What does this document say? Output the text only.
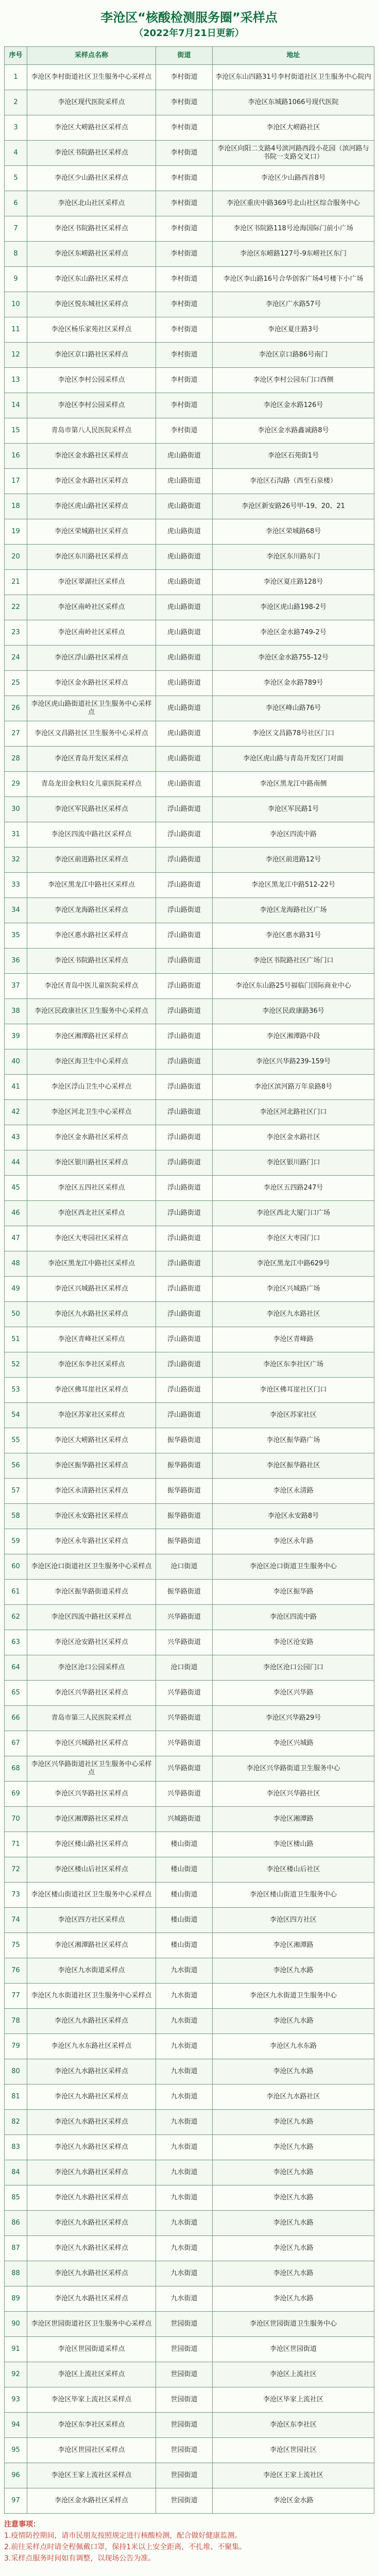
李沧区“核酸检测服务圈”采样点
（2022年7月21日更新）
序号	采样点名称	街道	地址
1	李沧区李村街道社区卫生服务中心采样点	李村街道	李沧区东山四路31号李村街道社区卫生服务中心院内
2	李沧区现代医院采样点	李村街道	李沧区东城路1066号现代医院
3	李沧区大崂路社区采样点	李村街道	李沧区大崂路社区
4	李沧区书院路社区采样点	李村街道	李沧区向阳二支路4号滨河路西段小花园（滨河路与书院一支路交叉口）
5	李沧区少山路社区采样点	李村街道	李沧区少山路西首8号
6	李沧区北山社区采样点	李村街道	李沧区重庆中路369号北山社区综合服务中心
7	李沧区书院路社区采样点	李村街道	李沧区书院路118号沧海国际门前小广场
8	李沧区东崂路社区采样点	李村街道	李沧区东崂路127号-9东崂社区东门
9	李沧区东山路社区采样点	李村街道	李沧区李山路16号合华创客广场4号楼下小广场
10	李沧区悦东城社区采样点	李村街道	李沧区广水路57号
11	李沧区杨乐家苑社区采样点	李村街道	李沧区夏庄路3号
12	李沧区京口路社区采样点	李村街道	李沧区京口路86号南门
13	李沧区李村公园采样点	李村街道	李沧区李村公园东门口西侧
14	李沧区李村公园采样点	李村街道	李沧区金水路126号
15	青岛市第八人民医院采样点	李村街道	李沧区金水路鑫诚路8号
16	李沧区金水路社区采样点	虎山路街道	李沧区石苑街1号
17	李沧区金水路社区采样点	虎山路街道	李沧区石沟路（西至石泉楼）
18	李沧区虎山路社区采样点	虎山路街道	李沧区新安路26号甲-19、20、21
19	李沧区荣城路社区采样点	虎山路街道	李沧区荣城路68号
20	李沧区东川路社区采样点	虎山路街道	李沧区东川路东门
21	李沧区翠湖社区采样点	虎山路街道	李沧区夏庄路128号
22	李沧区南岭社区采样点	虎山路街道	李沧区虎山路198-2号
23	李沧区南岭社区采样点	虎山路街道	李沧区金水路749-2号
24	李沧区浮山路社区采样点	虎山路街道	李沧区金水路755-12号
25	李沧区金水路社区采样点	虎山路街道	李沧区金水路789号
26	李沧区虎山路街道社区卫生服务中心采样点	虎山路街道	李沧区峰山路76号
27	李沧区文昌路社区卫生服务中心采样点	虎山路街道	李沧区文昌路78号社区门口
28	李沧区青岛开发区采样点	虎山路街道	李沧区虎山路与青岛开发区门对面
29	青岛龙田金秋妇女儿童医院采样点	虎山路街道	李沧区黑龙江中路南侧
30	李沧区军民路社区采样点	浮山路街道	李沧区军民路1号
31	李沧区四流中路社区采样点	浮山路街道	李沧区四流中路
32	李沧区前进路社区采样点	浮山路街道	李沧区前进路12号
33	李沧区黑龙江中路社区采样点	浮山路街道	李沧区黑龙江中路512-22号
34	李沧区龙海路社区采样点	浮山路街道	李沧区龙海路社区广场
35	李沧区惠水路社区采样点	浮山路街道	李沧区惠水路31号
36	李沧区书院路社区采样点	浮山路街道	李沧区书院路社区广场门口
37	李沧区青岛中医儿童医院采样点	浮山路街道	李沧区东山路25号福临门国际商业中心
38	李沧区民政康社区卫生服务中心采样点	浮山路街道	李沧区民政康路36号
39	李沧区湘潭路社区采样点	浮山路街道	李沧区湘潭路中段
40	李沧区海卫生中心采样点	浮山路街道	李沧区兴华路239-159号
41	李沧区浮山卫生中心采样点	浮山路街道	李沧区滨河路万年泉路8号
42	李沧区河北卫生中心采样点	浮山路街道	李沧区河北路社区门口
43	李沧区金水路社区采样点	浮山路街道	李沧区金水路社区
44	李沧区银川路社区采样点	浮山路街道	李沧区银川路门口
45	李沧区五四社区采样点	浮山路街道	李沧区五四路247号
46	李沧区西北社区采样点	浮山路街道	李沧区西北大厦门口广场
47	李沧区大枣园社区采样点	浮山路街道	李沧区大枣园门口
48	李沧区黑龙江中路社区采样点	浮山路街道	李沧区黑龙江中路629号
49	李沧区兴城路社区采样点	浮山路街道	李沧区兴城路广场
50	李沧区九水路社区采样点	浮山路街道	李沧区九水路社区
51	李沧区青峰社区采样点	浮山路街道	李沧区青峰路
52	李沧区东李社区采样点	浮山路街道	李沧区东李社区广场
53	李沧区佛耳崖社区采样点	浮山路街道	李沧区佛耳崖社区门口
54	李沧区苏家社区采样点	浮山路街道	李沧区苏家社区
55	李沧区大崂路社区采样点	振华路街道	李沧区振华路广场
56	李沧区振华路社区采样点	振华路街道	李沧区振华路社区
57	李沧区永清路社区采样点	振华路街道	李沧区永清路
58	李沧区永安路社区采样点	振华路街道	李沧区永安路8号
59	李沧区永年路社区采样点	振华路街道	李沧区永年路
60	李沧区沧口街道社区卫生服务中心采样点	沧口街道	李沧区沧口街道卫生服务中心
61	李沧区振华路街道采样点	振华路街道	李沧区振华路
62	李沧区四流中路社区采样点	兴华路街道	李沧区四流中路
63	李沧区沧安路社区采样点	兴华路街道	李沧区沧安路
64	李沧区沧口公园采样点	沧口街道	李沧区沧口公园门口
65	李沧区兴华路社区采样点	兴华路街道	李沧区兴华路
66	青岛市第三人民医院采样点	兴华路街道	李沧区兴华路29号
67	李沧区兴城路社区采样点	兴华路街道	李沧区兴城路
68	李沧区兴华路街道社区卫生服务中心采样点	兴华路街道	李沧区兴华路街道卫生服务中心
69	李沧区兴华路社区采样点	兴华路街道	李沧区兴华路社区
70	李沧区湘潭路社区采样点	兴城路街道	李沧区湘潭路
71	李沧区楼山路社区采样点	楼山街道	李沧区楼山路
72	李沧区楼山后社区采样点	楼山街道	李沧区楼山后社区
73	李沧区楼山街道社区卫生服务中心采样点	楼山街道	李沧区楼山街道卫生服务中心
74	李沧区四方社区采样点	楼山街道	李沧区四方社区
75	李沧区湘潭路社区采样点	楼山街道	李沧区湘潭路
76	李沧区九水街道采样点	九水街道	李沧区九水路
77	李沧区九水街道社区卫生服务中心采样点	九水街道	李沧区九水街道卫生服务中心
78	李沧区九水路社区采样点	九水街道	李沧区九水路
79	李沧区九水东路社区采样点	九水街道	李沧区九水东路
80	李沧区九水路社区采样点	九水街道	李沧区九水路
81	李沧区九水路社区采样点	九水街道	李沧区九水路社区
82	李沧区九水路社区采样点	九水街道	李沧区九水路
83	李沧区九水路社区采样点	九水街道	李沧区九水路
84	李沧区九水路社区采样点	九水街道	李沧区九水路
85	李沧区九水路社区采样点	九水街道	李沧区九水路
86	李沧区九水路社区采样点	九水街道	李沧区九水路
87	李沧区九水路社区采样点	九水街道	李沧区九水路
88	李沧区九水路社区采样点	九水街道	李沧区九水路
89	李沧区九水路社区采样点	九水街道	李沧区九水路
90	李沧区世园街道社区卫生服务中心采样点	世园街道	李沧区世园街道卫生服务中心
91	李沧区世园街道采样点	世园街道	李沧区世园街道
92	李沧区上流社区采样点	世园街道	李沧区上流社区
93	李沧区毕家上流社区采样点	世园街道	李沧区毕家上流社区
94	李沧区东李社区采样点	世园街道	李沧区东李社区
95	李沧区世园社区采样点	世园街道	李沧区世园社区
96	李沧区王家上流社区采样点	世园街道	李沧区王家上流社区
97	李沧区金水路社区采样点	世园街道	李沧区金水路

注意事项：

1.疫情防控期间，请市民朋友按照规定进行核酸检测，配合做好健康监测。

2.前往采样点时请全程佩戴口罩，保持1米以上安全距离，不扎堆、不聚集。

3.采样点服务时间如有调整，以现场公告为准。
